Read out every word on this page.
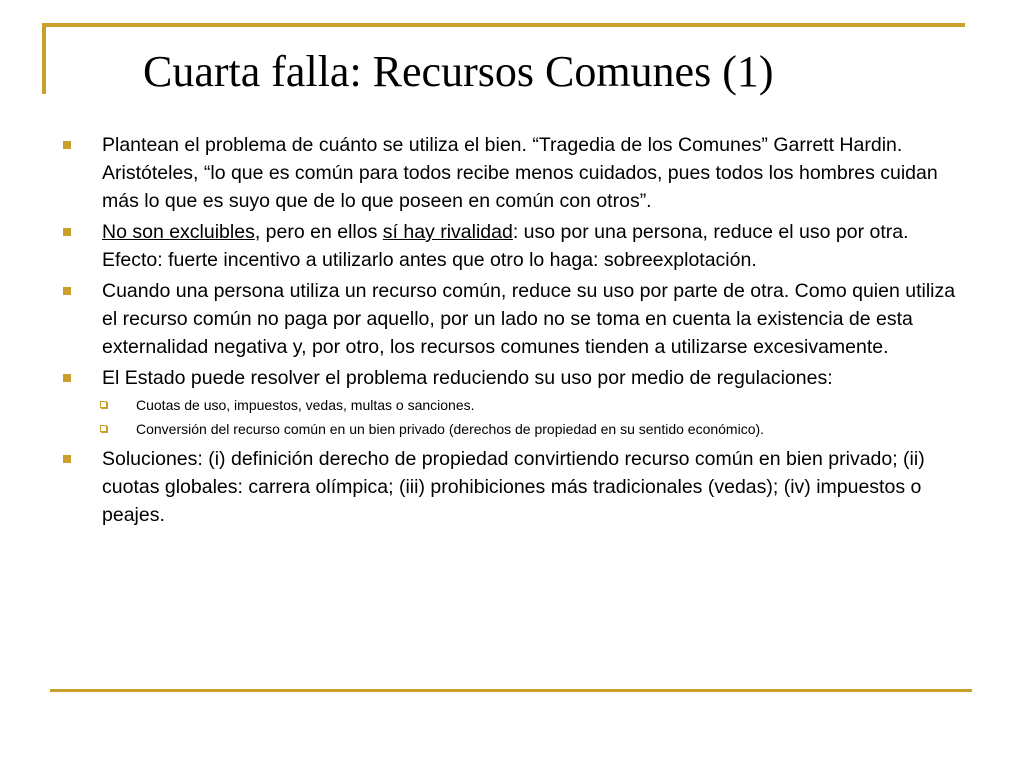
Cuarta falla: Recursos Comunes (1)
Plantean el problema de cuánto se utiliza el bien. “Tragedia de los Comunes” Garrett Hardin. Aristóteles, “lo que es común para todos recibe menos cuidados, pues todos los hombres cuidan más lo que es suyo que de lo que poseen en común con otros”.
No son excluibles, pero en ellos sí hay rivalidad: uso por una persona, reduce el uso por otra. Efecto: fuerte incentivo a utilizarlo antes que otro lo haga: sobreexplotación.
Cuando una persona utiliza un recurso común, reduce su uso por parte de otra. Como quien utiliza el recurso común no paga por aquello, por un lado no se toma en cuenta la existencia de esta externalidad negativa y, por otro, los recursos comunes tienden a utilizarse excesivamente.
El Estado puede resolver el problema reduciendo su uso por medio de regulaciones:
Cuotas de uso, impuestos, vedas, multas o sanciones.
Conversión del recurso común en un bien privado (derechos de propiedad en su sentido económico).
Soluciones: (i) definición derecho de propiedad convirtiendo recurso común en bien privado; (ii) cuotas globales: carrera olímpica; (iii) prohibiciones más tradicionales (vedas); (iv) impuestos o peajes.
